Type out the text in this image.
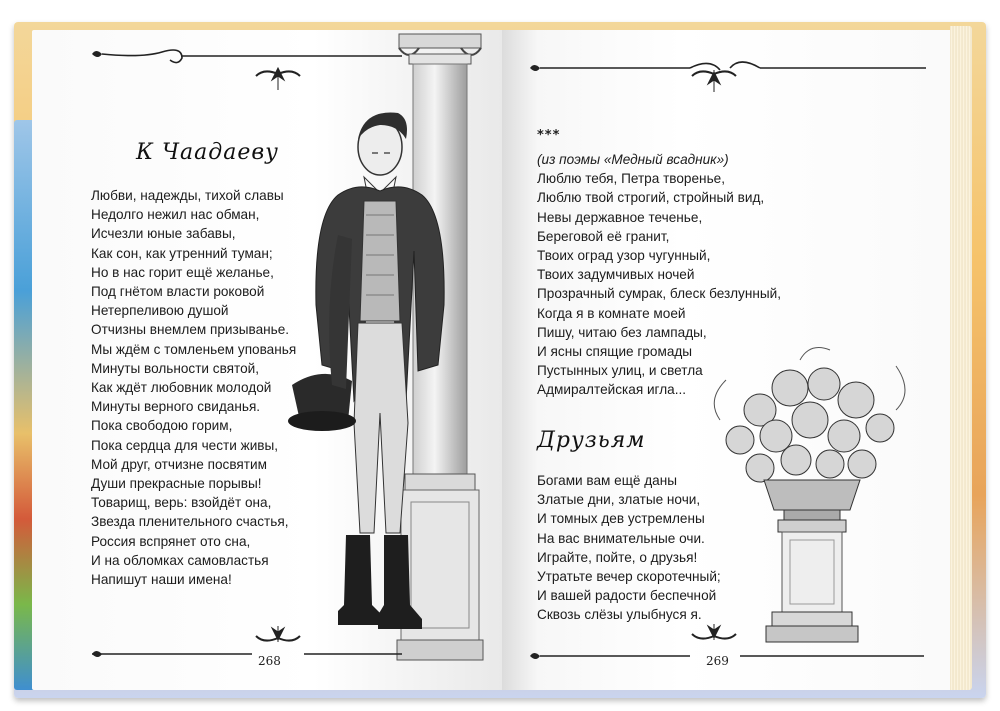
К Чаадаеву
Любви, надежды, тихой славы
Недолго нежил нас обман,
Исчезли юные забавы,
Как сон, как утренний туман;
Но в нас горит ещё желанье,
Под гнётом власти роковой
Нетерпеливою душой
Отчизны внемлем призыванье.
Мы ждём с томленьем упованья
Минуты вольности святой,
Как ждёт любовник молодой
Минуты верного свиданья.
Пока свободою горим,
Пока сердца для чести живы,
Мой друг, отчизне посвятим
Души прекрасные порывы!
Товарищ, верь: взойдёт она,
Звезда пленительного счастья,
Россия вспрянет ото сна,
И на обломках самовластья
Напишут наши имена!
268
***
(из поэмы «Медный всадник»)
Люблю тебя, Петра творенье,
Люблю твой строгий, стройный вид,
Невы державное теченье,
Береговой её гранит,
Твоих оград узор чугунный,
Твоих задумчивых ночей
Прозрачный сумрак, блеск безлунный,
Когда я в комнате моей
Пишу, читаю без лампады,
И ясны спящие громады
Пустынных улиц, и светла
Адмиралтейская игла...
Друзьям
Богами вам ещё даны
Златые дни, златые ночи,
И томных дев устремлены
На вас внимательные очи.
Играйте, пойте, о друзья!
Утратьте вечер скоротечный;
И вашей радости беспечной
Сквозь слёзы улыбнуся я.
269
